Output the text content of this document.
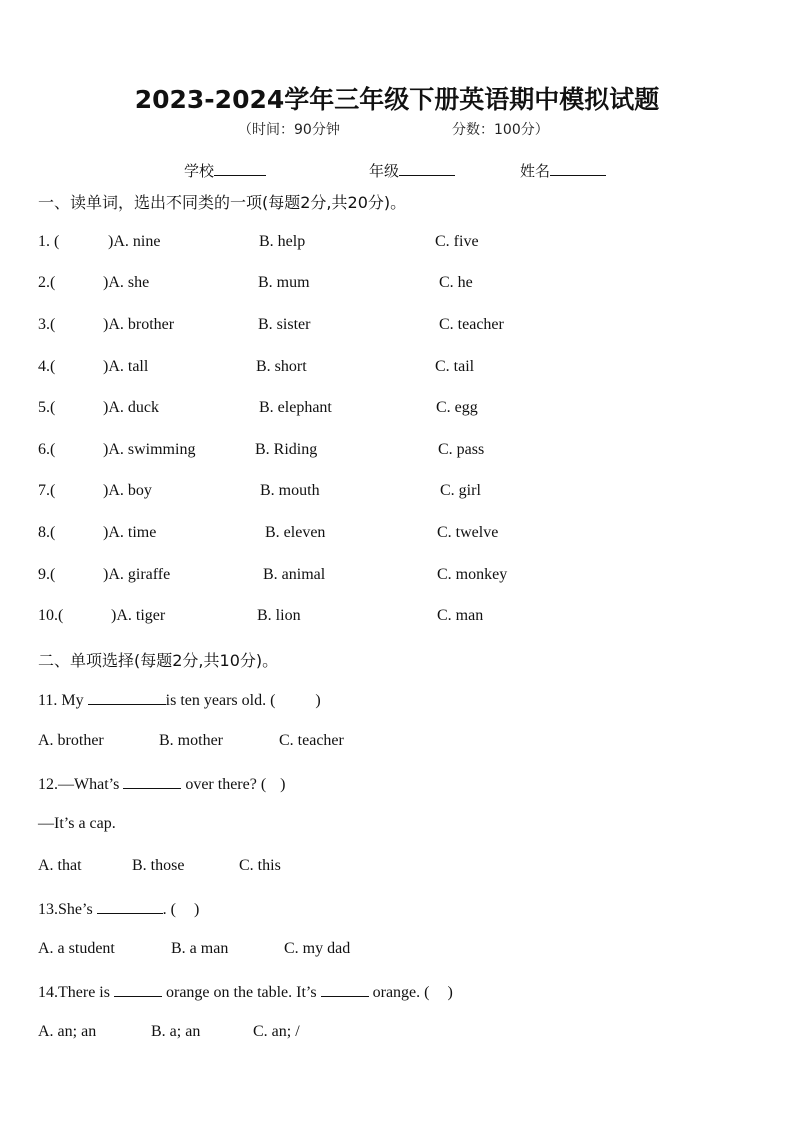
2023-2024学年三年级下册英语期中模拟试题
（时间：90分钟	分数：100分）
学校	年级	姓名
一、读单词，选出不同类的一项(每题2分,共20分)。
1. (	)A. nine	B. help	C. five
2.(	)A. she	B. mum	C. he
3.(	)A. brother	B. sister	C. teacher
4.(	)A. tall	B. short	C. tail
5.(	)A. duck	B. elephant	C. egg
6.(	)A. swimming	B. Riding	C. pass
7.(	)A. boy	B. mouth	C. girl
8.(	)A. time	B. eleven	C. twelve
9.(	)A. giraffe	B. animal	C. monkey
10.(	)A. tiger	B. lion	C. man
二、单项选择(每题2分,共10分)。
11. My	is ten years old. (	)
A. brother	B. mother	C. teacher
12.—What’s	over there? ( )
—It’s a cap.
A. that	B. those	C. this
13.She’s	. ( )
A. a student	B. a man	C. my dad
14.There is	orange on the table. It’s	orange. ( )
A. an; an	B. a; an	C. an; /
